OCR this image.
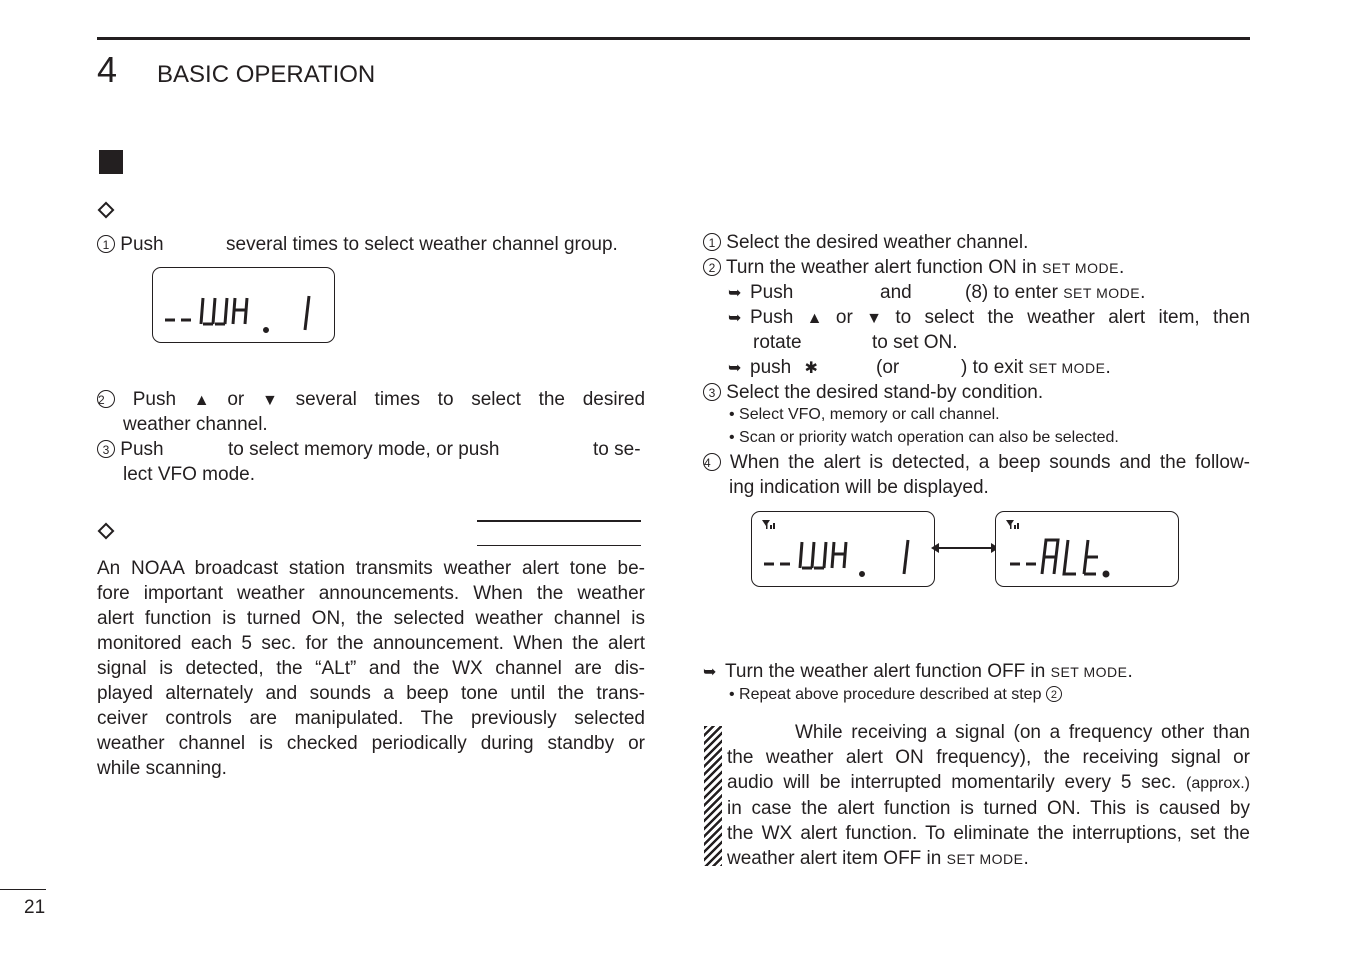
4 BASIC OPERATION
1 Push	several times to select weather channel group.
2 Push ▲ or ▼ several times to select the desired
weather channel.
3 Push	to select memory mode, or push	to se-
lect VFO mode.
An NOAA broadcast station transmits weather alert tone be-
fore important weather announcements. When the weather
alert function is turned ON, the selected weather channel is
monitored each 5 sec. for the announcement. When the alert
signal is detected, the “ALt” and the WX channel are dis-
played alternately and sounds a beep tone until the trans-
ceiver controls are manipulated. The previously selected
weather channel is checked periodically during standby or
while scanning.
1 Select the desired weather channel.
2 Turn the weather alert function ON in SET MODE.
➥ Push	and	(8) to enter SET MODE.
➥ Push ▲ or ▼ to select the weather alert item, then
rotate	to set ON.
➥ push ✱	(or	) to exit SET MODE.
3 Select the desired stand-by condition.
• Select VFO, memory or call channel.
• Scan or priority watch operation can also be selected.
4 When the alert is detected, a beep sounds and the follow-
ing indication will be displayed.
➥ Turn the weather alert function OFF in SET MODE.
• Repeat above procedure described at step 2
While receiving a signal (on a frequency other than
the weather alert ON frequency), the receiving signal or
audio will be interrupted momentarily every 5 sec. (approx.)
in case the alert function is turned ON. This is caused by
the WX alert function. To eliminate the interruptions, set the
weather alert item OFF in SET MODE.
21
